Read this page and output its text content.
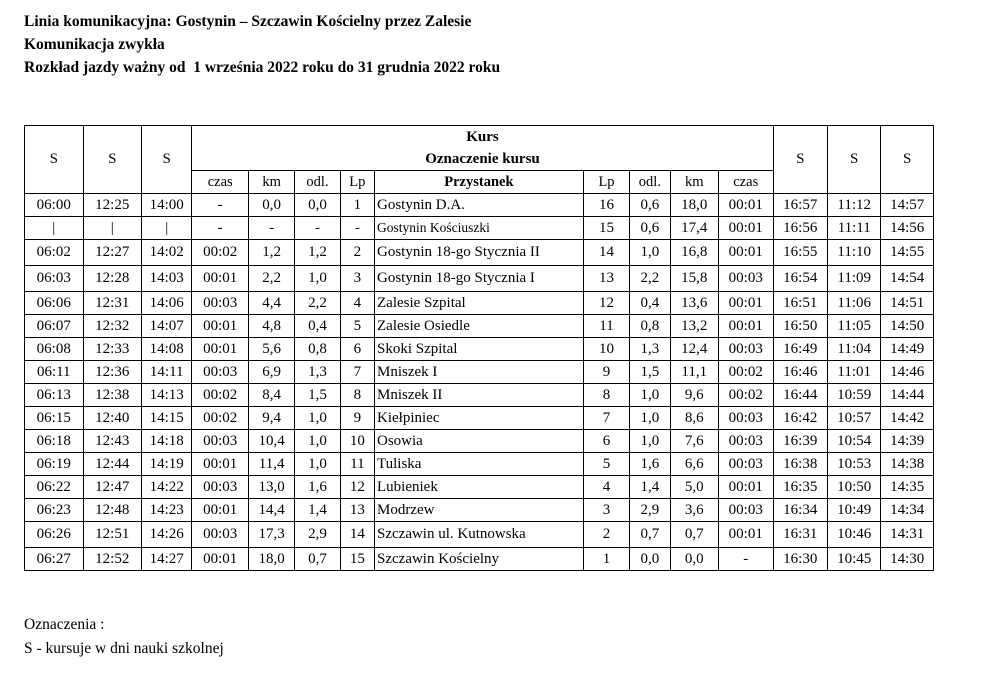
Linia komunikacyjna: Gostynin – Szczawin Kościelny przez Zalesie
Komunikacja zwykła
Rozkład jazdy ważny od  1 września 2022 roku do 31 grudnia 2022 roku
S	S	S	Kurs									S	S	S
			Oznaczenie kursu											
			czas	km	odl.	Lp	Przystanek	Lp	odl.	km	czas			
06:00	12:25	14:00	-	0,0	0,0	1	Gostynin D.A.	16	0,6	18,0	00:01	16:57	11:12	14:57
|	|	|	-	-	-	-	Gostynin Kościuszki	15	0,6	17,4	00:01	16:56	11:11	14:56
06:02	12:27	14:02	00:02	1,2	1,2	2	Gostynin 18-go Stycznia II	14	1,0	16,8	00:01	16:55	11:10	14:55
06:03	12:28	14:03	00:01	2,2	1,0	3	Gostynin 18-go Stycznia I	13	2,2	15,8	00:03	16:54	11:09	14:54
06:06	12:31	14:06	00:03	4,4	2,2	4	Zalesie Szpital	12	0,4	13,6	00:01	16:51	11:06	14:51
06:07	12:32	14:07	00:01	4,8	0,4	5	Zalesie Osiedle	11	0,8	13,2	00:01	16:50	11:05	14:50
06:08	12:33	14:08	00:01	5,6	0,8	6	Skoki Szpital	10	1,3	12,4	00:03	16:49	11:04	14:49
06:11	12:36	14:11	00:03	6,9	1,3	7	Mniszek I	9	1,5	11,1	00:02	16:46	11:01	14:46
06:13	12:38	14:13	00:02	8,4	1,5	8	Mniszek II	8	1,0	9,6	00:02	16:44	10:59	14:44
06:15	12:40	14:15	00:02	9,4	1,0	9	Kiełpiniec	7	1,0	8,6	00:03	16:42	10:57	14:42
06:18	12:43	14:18	00:03	10,4	1,0	10	Osowia	6	1,0	7,6	00:03	16:39	10:54	14:39
06:19	12:44	14:19	00:01	11,4	1,0	11	Tuliska	5	1,6	6,6	00:03	16:38	10:53	14:38
06:22	12:47	14:22	00:03	13,0	1,6	12	Lubieniek	4	1,4	5,0	00:01	16:35	10:50	14:35
06:23	12:48	14:23	00:01	14,4	1,4	13	Modrzew	3	2,9	3,6	00:03	16:34	10:49	14:34
06:26	12:51	14:26	00:03	17,3	2,9	14	Szczawin ul. Kutnowska	2	0,7	0,7	00:01	16:31	10:46	14:31
06:27	12:52	14:27	00:01	18,0	0,7	15	Szczawin Kościelny	1	0,0	0,0	-	16:30	10:45	14:30
Oznaczenia :
S - kursuje w dni nauki szkolnej
